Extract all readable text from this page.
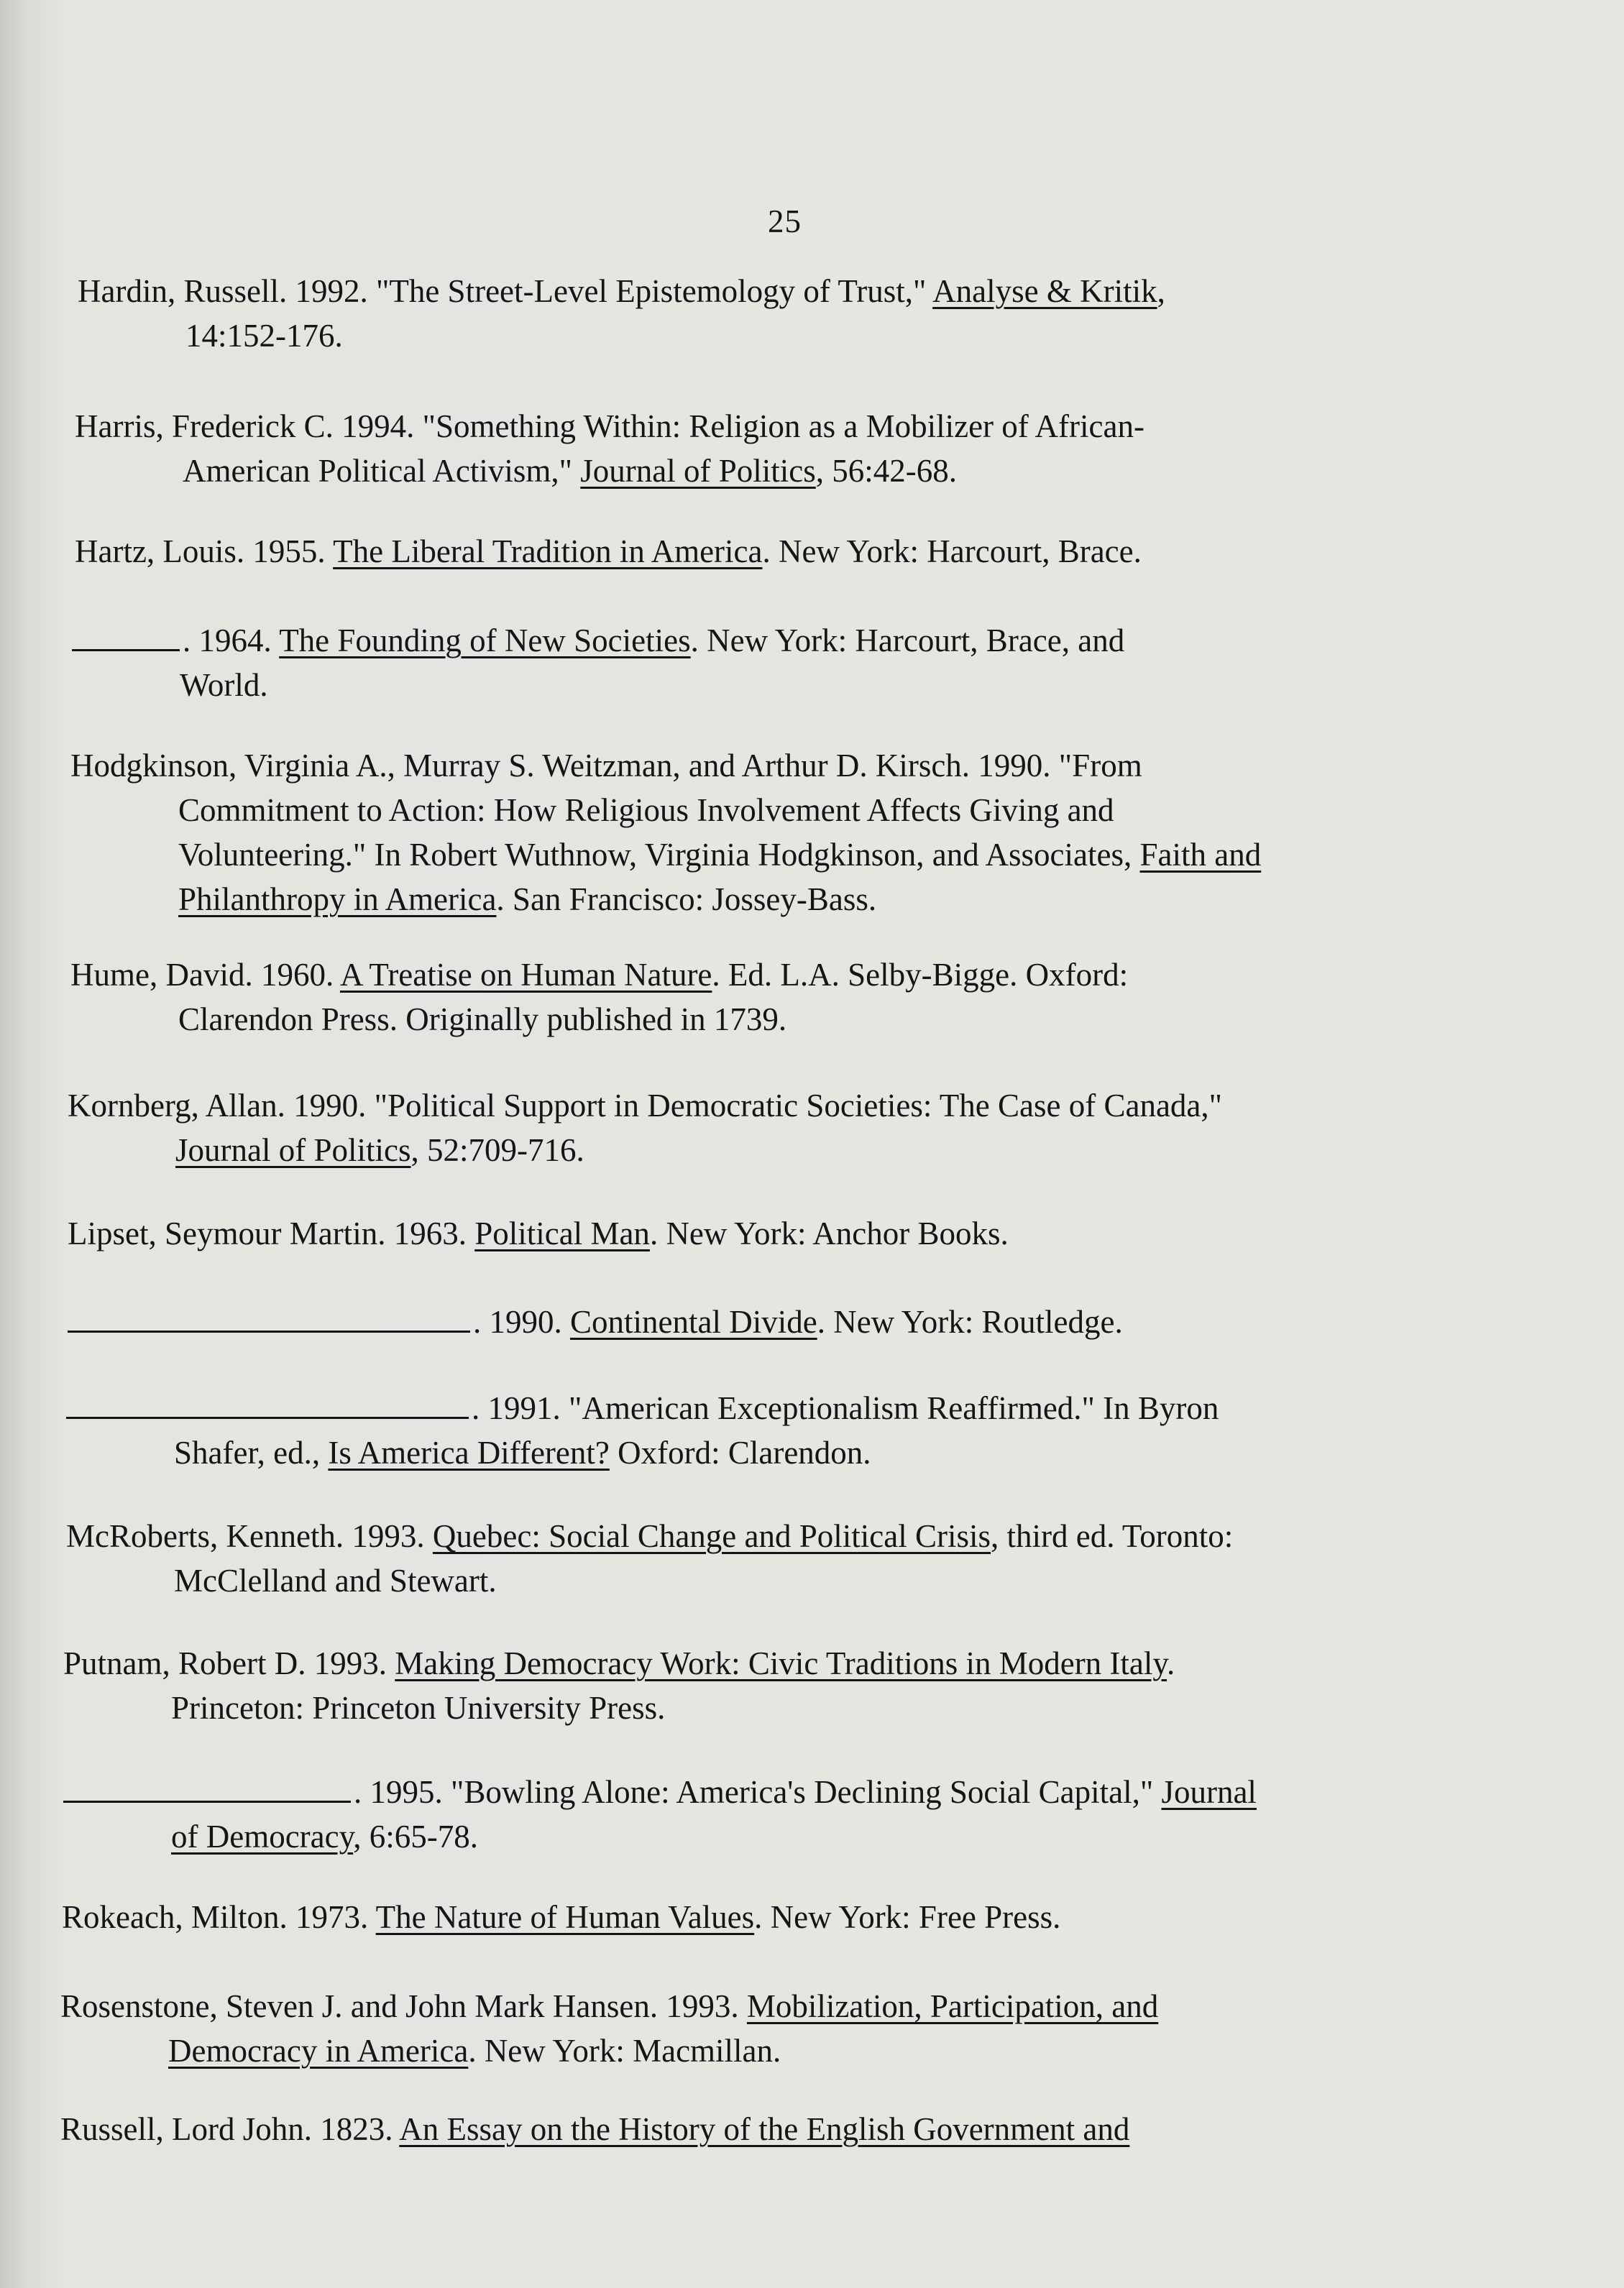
25
Hardin, Russell. 1992. "The Street-Level Epistemology of Trust," Analyse & Kritik,
14:152-176.
Harris, Frederick C. 1994. "Something Within: Religion as a Mobilizer of African-
American Political Activism," Journal of Politics, 56:42-68.
Hartz, Louis. 1955. The Liberal Tradition in America. New York: Harcourt, Brace.
. 1964. The Founding of New Societies. New York: Harcourt, Brace, and
World.
Hodgkinson, Virginia A., Murray S. Weitzman, and Arthur D. Kirsch. 1990. "From
Commitment to Action: How Religious Involvement Affects Giving and
Volunteering." In Robert Wuthnow, Virginia Hodgkinson, and Associates, Faith and
Philanthropy in America. San Francisco: Jossey-Bass.
Hume, David. 1960. A Treatise on Human Nature. Ed. L.A. Selby-Bigge. Oxford:
Clarendon Press. Originally published in 1739.
Kornberg, Allan. 1990. "Political Support in Democratic Societies: The Case of Canada,"
Journal of Politics, 52:709-716.
Lipset, Seymour Martin. 1963. Political Man. New York: Anchor Books.
. 1990. Continental Divide. New York: Routledge.
. 1991. "American Exceptionalism Reaffirmed." In Byron
Shafer, ed., Is America Different? Oxford: Clarendon.
McRoberts, Kenneth. 1993. Quebec: Social Change and Political Crisis, third ed. Toronto:
McClelland and Stewart.
Putnam, Robert D. 1993. Making Democracy Work: Civic Traditions in Modern Italy.
Princeton: Princeton University Press.
. 1995. "Bowling Alone: America's Declining Social Capital," Journal
of Democracy, 6:65-78.
Rokeach, Milton. 1973. The Nature of Human Values. New York: Free Press.
Rosenstone, Steven J. and John Mark Hansen. 1993. Mobilization, Participation, and
Democracy in America. New York: Macmillan.
Russell, Lord John. 1823. An Essay on the History of the English Government and
